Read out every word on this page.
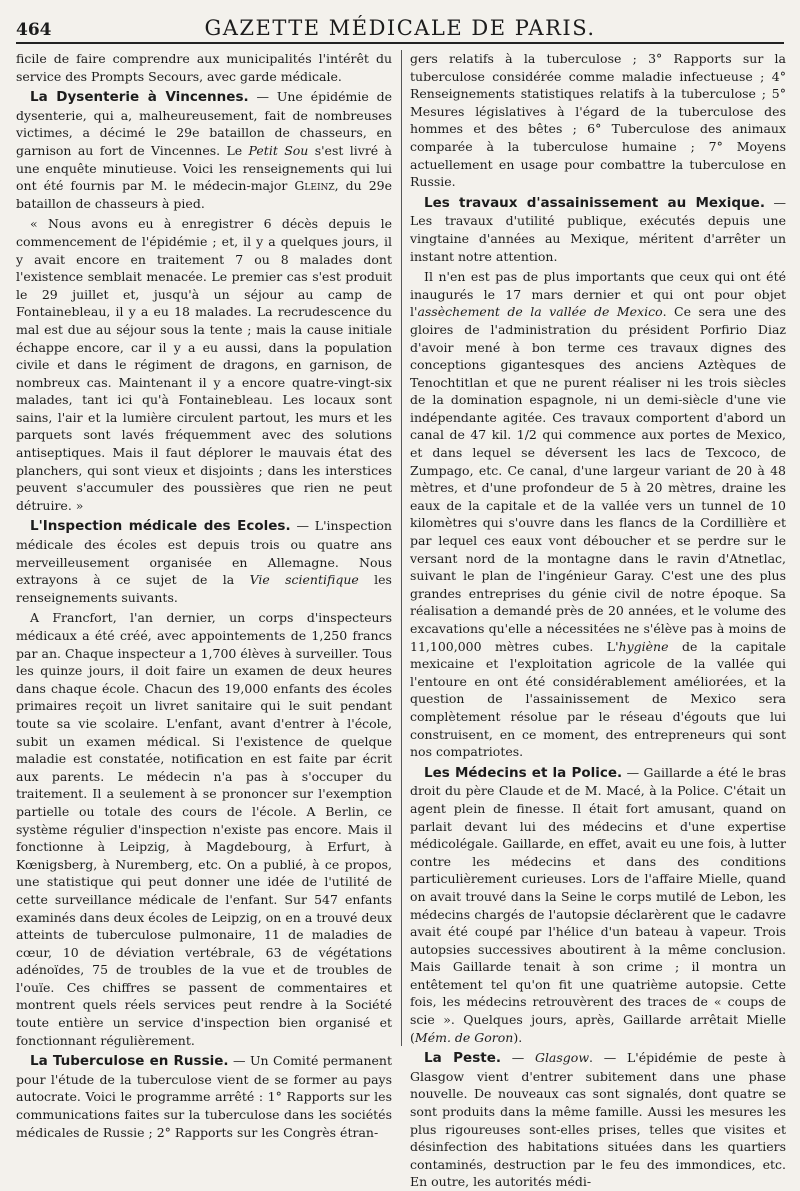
464	GAZETTE MÉDICALE DE PARIS.

ficile de faire comprendre aux municipalités l'intérêt du service des Prompts Secours, avec garde médicale.

La Dysenterie à Vincennes. — Une épidémie de dysenterie, qui a, malheureusement, fait de nombreuses victimes, a décimé le 29e bataillon de chasseurs, en garnison au fort de Vincennes. Le Petit Sou s'est livré à une enquête minutieuse. Voici les renseignements qui lui ont été fournis par M. le médecin-major Gleinz, du 29e bataillon de chasseurs à pied.

« Nous avons eu à enregistrer 6 décès depuis le commencement de l'épidémie ; et, il y a quelques jours, il y avait encore en traitement 7 ou 8 malades dont l'existence semblait menacée. Le premier cas s'est produit le 29 juillet et, jusqu'à un séjour au camp de Fontainebleau, il y a eu 18 malades. La recrudescence du mal est due au séjour sous la tente ; mais la cause initiale échappe encore, car il y a eu aussi, dans la population civile et dans le régiment de dragons, en garnison, de nombreux cas. Maintenant il y a encore quatre-vingt-six malades, tant ici qu'à Fontainebleau. Les locaux sont sains, l'air et la lumière circulent partout, les murs et les parquets sont lavés fréquemment avec des solutions antiseptiques. Mais il faut déplorer le mauvais état des planchers, qui sont vieux et disjoints ; dans les interstices peuvent s'accumuler des poussières que rien ne peut détruire. »

L'Inspection médicale des Ecoles. — L'inspection médicale des écoles est depuis trois ou quatre ans merveilleusement organisée en Allemagne. Nous extrayons à ce sujet de la Vie scientifique les renseignements suivants.

A Francfort, l'an dernier, un corps d'inspecteurs médicaux a été créé, avec appointements de 1,250 francs par an. Chaque inspecteur a 1,700 élèves à surveiller. Tous les quinze jours, il doit faire un examen de deux heures dans chaque école. Chacun des 19,000 enfants des écoles primaires reçoit un livret sanitaire qui le suit pendant toute sa vie scolaire. L'enfant, avant d'entrer à l'école, subit un examen médical. Si l'existence de quelque maladie est constatée, notification en est faite par écrit aux parents. Le médecin n'a pas à s'occuper du traitement. Il a seulement à se prononcer sur l'exemption partielle ou totale des cours de l'école. A Berlin, ce système régulier d'inspection n'existe pas encore. Mais il fonctionne à Leipzig, à Magdebourg, à Erfurt, à Kœnigsberg, à Nuremberg, etc. On a publié, à ce propos, une statistique qui peut donner une idée de l'utilité de cette surveillance médicale de l'enfant. Sur 547 enfants examinés dans deux écoles de Leipzig, on en a trouvé deux atteints de tuberculose pulmonaire, 11 de maladies de cœur, 10 de déviation vertébrale, 63 de végétations adénoïdes, 75 de troubles de la vue et de troubles de l'ouïe. Ces chiffres se passent de commentaires et montrent quels réels services peut rendre à la Société toute entière un service d'inspection bien organisé et fonctionnant régulièrement.

La Tuberculose en Russie. — Un Comité permanent pour l'étude de la tuberculose vient de se former au pays autocrate. Voici le programme arrêté : 1° Rapports sur les communications faites sur la tuberculose dans les sociétés médicales de Russie ; 2° Rapports sur les Congrès étran-

gers relatifs à la tuberculose ; 3° Rapports sur la tuberculose considérée comme maladie infectueuse ; 4° Renseignements statistiques relatifs à la tuberculose ; 5° Mesures législatives à l'égard de la tuberculose des hommes et des bêtes ; 6° Tuberculose des animaux comparée à la tuberculose humaine ; 7° Moyens actuellement en usage pour combattre la tuberculose en Russie.

Les travaux d'assainissement au Mexique. — Les travaux d'utilité publique, exécutés depuis une vingtaine d'années au Mexique, méritent d'arrêter un instant notre attention.

Il n'en est pas de plus importants que ceux qui ont été inaugurés le 17 mars dernier et qui ont pour objet l'assèchement de la vallée de Mexico. Ce sera une des gloires de l'administration du président Porfirio Diaz d'avoir mené à bon terme ces travaux dignes des conceptions gigantesques des anciens Aztèques de Tenochtitlan et que ne purent réaliser ni les trois siècles de la domination espagnole, ni un demi-siècle d'une vie indépendante agitée. Ces travaux comportent d'abord un canal de 47 kil. 1/2 qui commence aux portes de Mexico, et dans lequel se déversent les lacs de Texcoco, de Zumpago, etc. Ce canal, d'une largeur variant de 20 à 48 mètres, et d'une profondeur de 5 à 20 mètres, draine les eaux de la capitale et de la vallée vers un tunnel de 10 kilomètres qui s'ouvre dans les flancs de la Cordillière et par lequel ces eaux vont déboucher et se perdre sur le versant nord de la montagne dans le ravin d'Atnetlac, suivant le plan de l'ingénieur Garay. C'est une des plus grandes entreprises du génie civil de notre époque. Sa réalisation a demandé près de 20 années, et le volume des excavations qu'elle a nécessitées ne s'élève pas à moins de 11,100,000 mètres cubes. L'hygiène de la capitale mexicaine et l'exploitation agricole de la vallée qui l'entoure en ont été considérablement améliorées, et la question de l'assainissement de Mexico sera complètement résolue par le réseau d'égouts que lui construisent, en ce moment, des entrepreneurs qui sont nos compatriotes.

Les Médecins et la Police. — Gaillarde a été le bras droit du père Claude et de M. Macé, à la Police. C'était un agent plein de finesse. Il était fort amusant, quand on parlait devant lui des médecins et d'une expertise médicolégale. Gaillarde, en effet, avait eu une fois, à lutter contre les médecins et dans des conditions particulièrement curieuses. Lors de l'affaire Mielle, quand on avait trouvé dans la Seine le corps mutilé de Lebon, les médecins chargés de l'autopsie déclarèrent que le cadavre avait été coupé par l'hélice d'un bateau à vapeur. Trois autopsies successives aboutirent à la même conclusion. Mais Gaillarde tenait à son crime ; il montra un entêtement tel qu'on fit une quatrième autopsie. Cette fois, les médecins retrouvèrent des traces de « coups de scie ». Quelques jours, après, Gaillarde arrêtait Mielle (Mém. de Goron).

La Peste. — Glasgow. — L'épidémie de peste à Glasgow vient d'entrer subitement dans une phase nouvelle. De nouveaux cas sont signalés, dont quatre se sont produits dans la même famille. Aussi les mesures les plus rigoureuses sont-elles prises, telles que visites et désinfection des habitations situées dans les quartiers contaminés, destruction par le feu des immondices, etc. En outre, les autorités médi-
